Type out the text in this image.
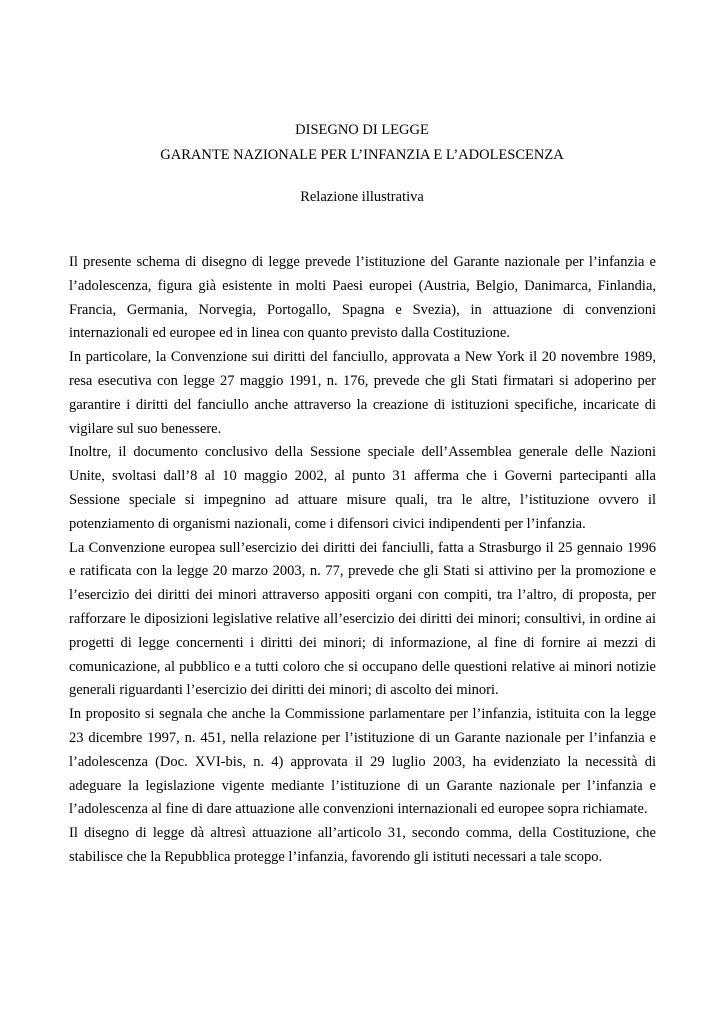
DISEGNO DI LEGGE
GARANTE NAZIONALE PER L’INFANZIA E L’ADOLESCENZA
Relazione illustrativa

Il presente schema di disegno di legge prevede l’istituzione del Garante nazionale per l’infanzia e l’adolescenza, figura già esistente in molti Paesi europei (Austria, Belgio, Danimarca, Finlandia, Francia, Germania, Norvegia, Portogallo, Spagna e Svezia), in attuazione di convenzioni internazionali ed europee ed in linea con quanto previsto dalla Costituzione.

In particolare, la Convenzione sui diritti del fanciullo, approvata a New York il 20 novembre 1989, resa esecutiva con legge 27 maggio 1991, n. 176, prevede che gli Stati firmatari si adoperino per garantire i diritti del fanciullo anche attraverso la creazione di istituzioni specifiche, incaricate di vigilare sul suo benessere.

Inoltre, il documento conclusivo della Sessione speciale dell’Assemblea generale delle Nazioni Unite, svoltasi dall’8 al 10 maggio 2002, al punto 31 afferma che i Governi partecipanti alla Sessione speciale si impegnino ad attuare misure quali, tra le altre, l’istituzione ovvero il potenziamento di organismi nazionali, come i difensori civici indipendenti per l’infanzia.

La Convenzione europea sull’esercizio dei diritti dei fanciulli, fatta a Strasburgo il 25 gennaio 1996 e ratificata con la legge 20 marzo 2003, n. 77, prevede che gli Stati si attivino per la promozione e l’esercizio dei diritti dei minori attraverso appositi organi con compiti, tra l’altro, di proposta, per rafforzare le diposizioni legislative relative all’esercizio dei diritti dei minori; consultivi, in ordine ai progetti di legge concernenti i diritti dei minori; di informazione, al fine di fornire ai mezzi di comunicazione, al pubblico e a tutti coloro che si occupano delle questioni relative ai minori notizie generali riguardanti l’esercizio dei diritti dei minori; di ascolto dei minori.

In proposito si segnala che anche la Commissione parlamentare per l’infanzia, istituita con la legge 23 dicembre 1997, n. 451, nella relazione per l’istituzione di un Garante nazionale per l’infanzia e l’adolescenza (Doc. XVI-bis, n. 4) approvata il 29 luglio 2003, ha evidenziato la necessità di adeguare la legislazione vigente mediante l’istituzione di un Garante nazionale per l’infanzia e l’adolescenza al fine di dare attuazione alle convenzioni internazionali ed europee sopra richiamate.

Il disegno di legge dà altresì attuazione all’articolo 31, secondo comma, della Costituzione, che stabilisce che la Repubblica protegge l’infanzia, favorendo gli istituti necessari a tale scopo.
